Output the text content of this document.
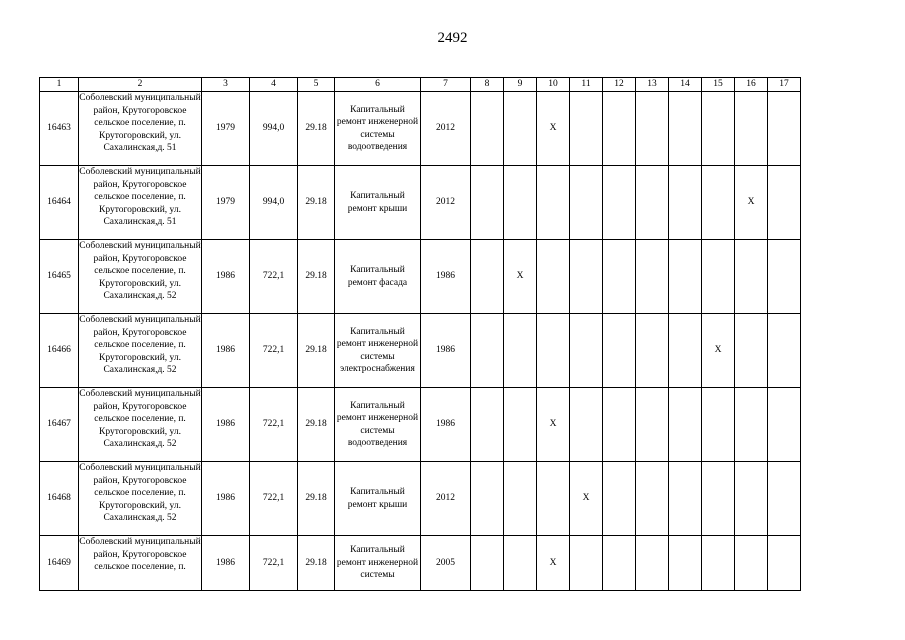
2492
1	2	3	4	5	6	7	8	9	10	11	12	13	14	15	16	17
16463	Соболевский муниципальный район, Крутогоровское сельское поселение, п. Крутогоровский, ул. Сахалинская,д. 51	1979	994,0	29.18	Капитальный ремонт инженерной системы водоотведения	2012			X							
16464	Соболевский муниципальный район, Крутогоровское сельское поселение, п. Крутогоровский, ул. Сахалинская,д. 51	1979	994,0	29.18	Капитальный ремонт крыши	2012									X	
16465	Соболевский муниципальный район, Крутогоровское сельское поселение, п. Крутогоровский, ул. Сахалинская,д. 52	1986	722,1	29.18	Капитальный ремонт фасада	1986		X								
16466	Соболевский муниципальный район, Крутогоровское сельское поселение, п. Крутогоровский, ул. Сахалинская,д. 52	1986	722,1	29.18	Капитальный ремонт инженерной системы электроснабжения	1986								X		
16467	Соболевский муниципальный район, Крутогоровское сельское поселение, п. Крутогоровский, ул. Сахалинская,д. 52	1986	722,1	29.18	Капитальный ремонт инженерной системы водоотведения	1986			X							
16468	Соболевский муниципальный район, Крутогоровское сельское поселение, п. Крутогоровский, ул. Сахалинская,д. 52	1986	722,1	29.18	Капитальный ремонт крыши	2012				X						
16469	Соболевский муниципальный район, Крутогоровское сельское поселение, п.	1986	722,1	29.18	Капитальный ремонт инженерной системы	2005			X							
